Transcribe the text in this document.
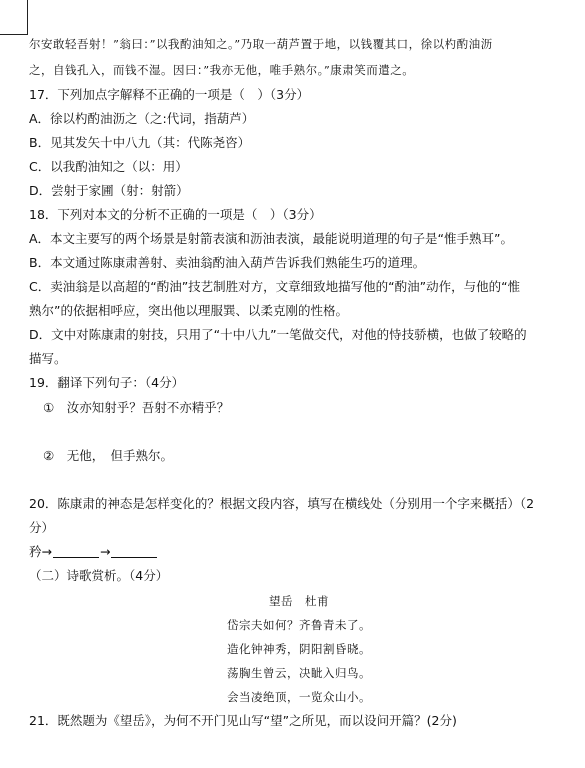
尔安敢轻吾射！”翁曰：”以我酌油知之。”乃取一葫芦置于地，以钱覆其口，徐以杓酌油沥
之，自钱孔入，而钱不湿。因曰：”我亦无他，唯手熟尔。”康肃笑而遣之。
17．下列加点字解释不正确的一项是（　）（3分）
A．徐以杓酌油沥之（之:代词，指葫芦）
B．见其发矢十中八九（其：代陈尧咨）
C．以我酌油知之（以：用）
D．尝射于家圃（射：射箭）
18．下列对本文的分析不正确的一项是（　）（3分）
A．本文主要写的两个场景是射箭表演和沥油表演，最能说明道理的句子是“惟手熟耳”。
B．本文通过陈康肃善射、卖油翁酌油入葫芦告诉我们熟能生巧的道理。
C．卖油翁是以高超的“酌油”技艺制胜对方，文章细致地描写他的“酌油”动作，与他的“惟
熟尔”的依据相呼应，突出他以理服巽、以柔克刚的性格。
D．文中对陈康肃的射技，只用了“十中八九”一笔做交代，对他的恃技骄横，也做了较略的
描写。
19．翻译下列句子：（4分）
①　汝亦知射乎？吾射不亦精乎？
②　无他，　但手熟尔。
20．陈康肃的神态是怎样变化的？根据文段内容，填写在横线处（分别用一个字来概括）（2
分）
矜→	→
（二）诗歌赏析。（4分）
望岳　杜甫
岱宗夫如何？齐鲁青未了。
造化钟神秀，阴阳割昏晓。
荡胸生曾云，决眦入归鸟。
会当凌绝顶，一览众山小。
21．既然题为《望岳》，为何不开门见山写“望”之所见，而以设问开篇？(2分)
